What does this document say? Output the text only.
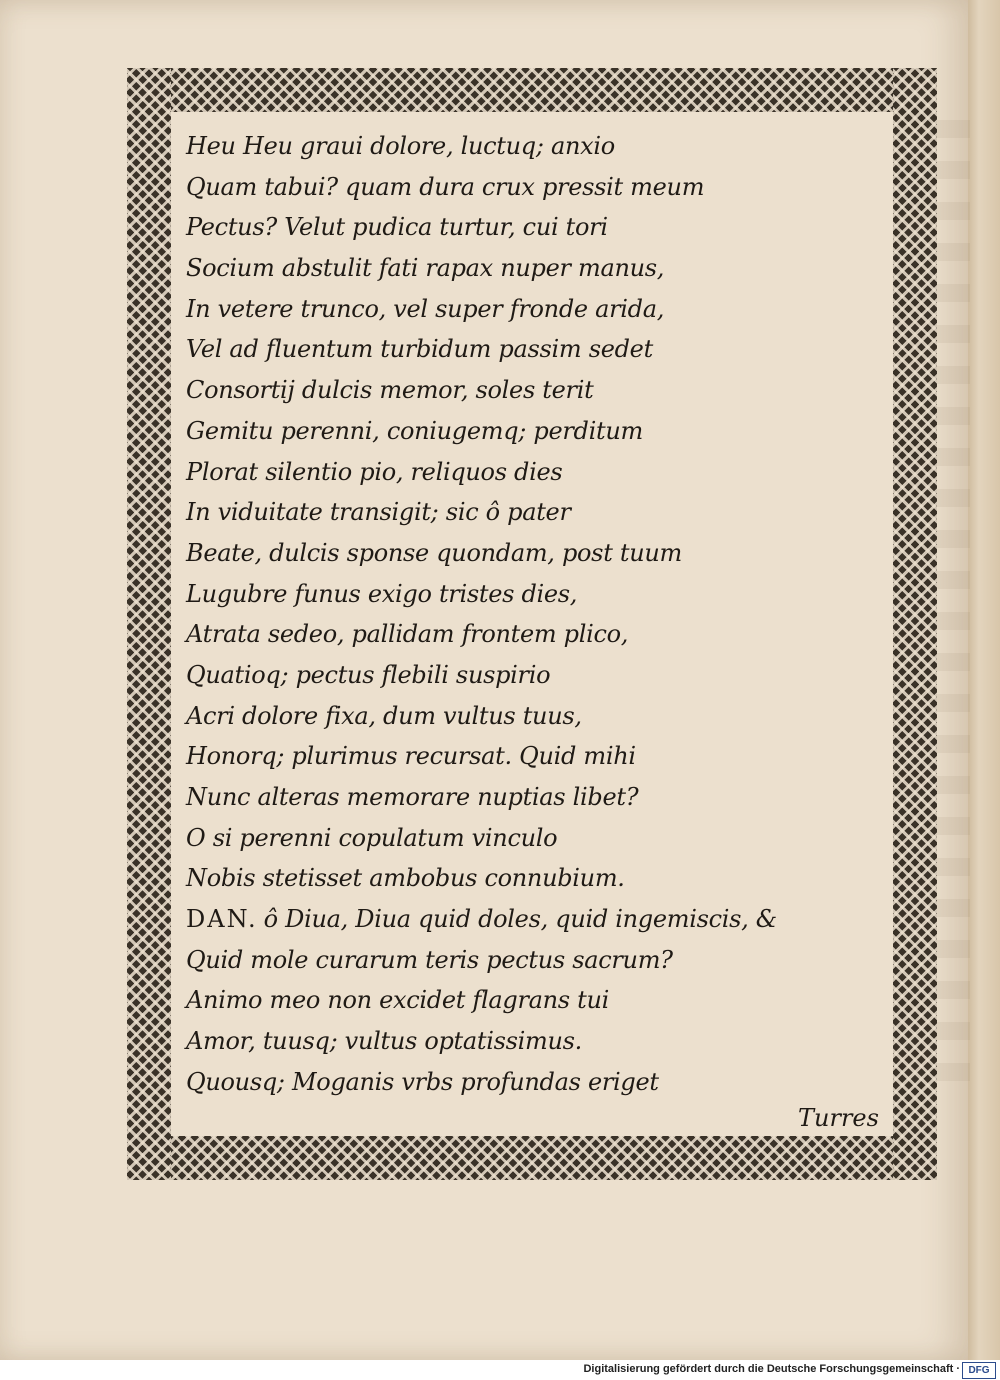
Heu Heu graui dolore, luctuq; anxio
Quam tabui? quam dura crux pressit meum
Pectus? Velut pudica turtur, cui tori
Socium abstulit fati rapax nuper manus,
In vetere trunco, vel super fronde arida,
Vel ad fluentum turbidum passim sedet
Consortij dulcis memor, soles terit
Gemitu perenni, coniugemq; perditum
Plorat silentio pio, reliquos dies
In viduitate transigit; sic ô pater
Beate, dulcis sponse quondam, post tuum
Lugubre funus exigo tristes dies,
Atrata sedeo, pallidam frontem plico,
Quatioq; pectus flebili suspirio
Acri dolore fixa, dum vultus tuus,
Honorq; plurimus recursat. Quid mihi
Nunc alteras memorare nuptias libet?
O si perenni copulatum vinculo
Nobis stetisset ambobus connubium.
DAN. ô Diua, Diua quid doles, quid ingemiscis, &
Quid mole curarum teris pectus sacrum?
Animo meo non excidet flagrans tui
Amor, tuusq; vultus optatissimus.
Quousq; Moganis vrbs profundas eriget
Turres
Digitalisierung gefördert durch die Deutsche Forschungsgemeinschaft · DFG
